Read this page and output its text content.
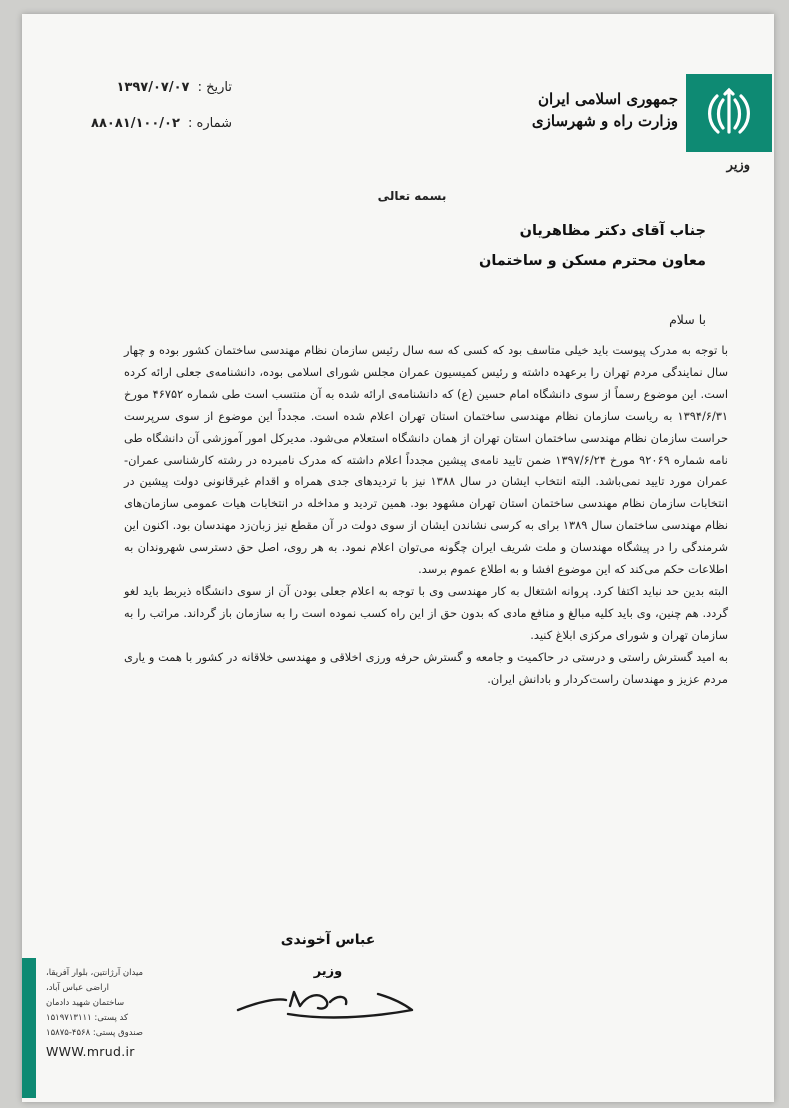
جمهوری اسلامی ایران
وزارت راه و شهرسازی
وزیر
تاریخ : ۱۳۹۷/۰۷/۰۷
شماره : ۸۸۰۸۱/۱۰۰/۰۲
بسمه تعالی
جناب آقای دکتر مظاهریان
معاون محترم مسکن و ساختمان
با سلام

با توجه به مدرک پیوست باید خیلی متاسف بود که کسی که سه سال رئیس سازمان نظام مهندسی ساختمان کشور بوده و چهار سال نمایندگی مردم تهران را برعهده داشته و رئیس کمیسیون عمران مجلس شورای اسلامی بوده، دانشنامه‌ی جعلی ارائه کرده است. این موضوع رسماً از سوی دانشگاه امام حسین (ع) که دانشنامه‌ی ارائه شده به آن منتسب است طی شماره ۴۶۷۵۲ مورخ ۱۳۹۴/۶/۳۱ به ریاست سازمان نظام مهندسی ساختمان استان تهران اعلام شده است. مجدداً این موضوع از سوی سرپرست حراست سازمان نظام مهندسی ساختمان استان تهران از همان دانشگاه استعلام می‌شود. مدیرکل امور آموزشی آن دانشگاه طی نامه شماره ۹۲۰۶۹ مورخ ۱۳۹۷/۶/۲۴ ضمن تایید نامه‌ی پیشین مجدداً اعلام داشته که مدرک نامبرده در رشته کارشناسی عمران- عمران مورد تایید نمی‌باشد. البته انتخاب ایشان در سال ۱۳۸۸ نیز با تردیدهای جدی همراه و اقدام غیرقانونی دولت پیشین در انتخابات سازمان نظام مهندسی ساختمان استان تهران مشهود بود. همین تردید و مداخله در انتخابات هیات عمومی سازمان‌های نظام مهندسی ساختمان سال ۱۳۸۹ برای به کرسی نشاندن ایشان از سوی دولت در آن مقطع نیز زبان‌زد مهندسان بود. اکنون این شرمندگی را در پیشگاه مهندسان و ملت شریف ایران چگونه می‌توان اعلام نمود. به هر روی، اصل حق دسترسی شهروندان به اطلاعات حکم می‌کند که این موضوع افشا و به اطلاع عموم برسد.

البته بدین حد نباید اکتفا کرد. پروانه اشتغال به کار مهندسی وی با توجه به اعلام جعلی بودن آن از سوی دانشگاه ذیربط باید لغو گردد. هم چنین، وی باید کلیه مبالغ و منافع مادی که بدون حق از این راه کسب نموده است را به سازمان باز گرداند. مراتب را به سازمان تهران و شورای مرکزی ابلاغ کنید.

به امید گسترش راستی و درستی در حاکمیت و جامعه و گسترش حرفه ورزی اخلاقی و مهندسی خلاقانه در کشور با همت و یاری مردم عزیز و مهندسان راست‌کردار و بادانش ایران.

عباس آخوندی
وزیر
میدان آرژانتین، بلوار آفریقا،
اراضی عباس آباد،
ساختمان شهید دادمان
کد پستی: ۱۵۱۹۷۱۳۱۱۱
صندوق پستی: ۴۵۶۸-۱۵۸۷۵
WWW.mrud.ir
